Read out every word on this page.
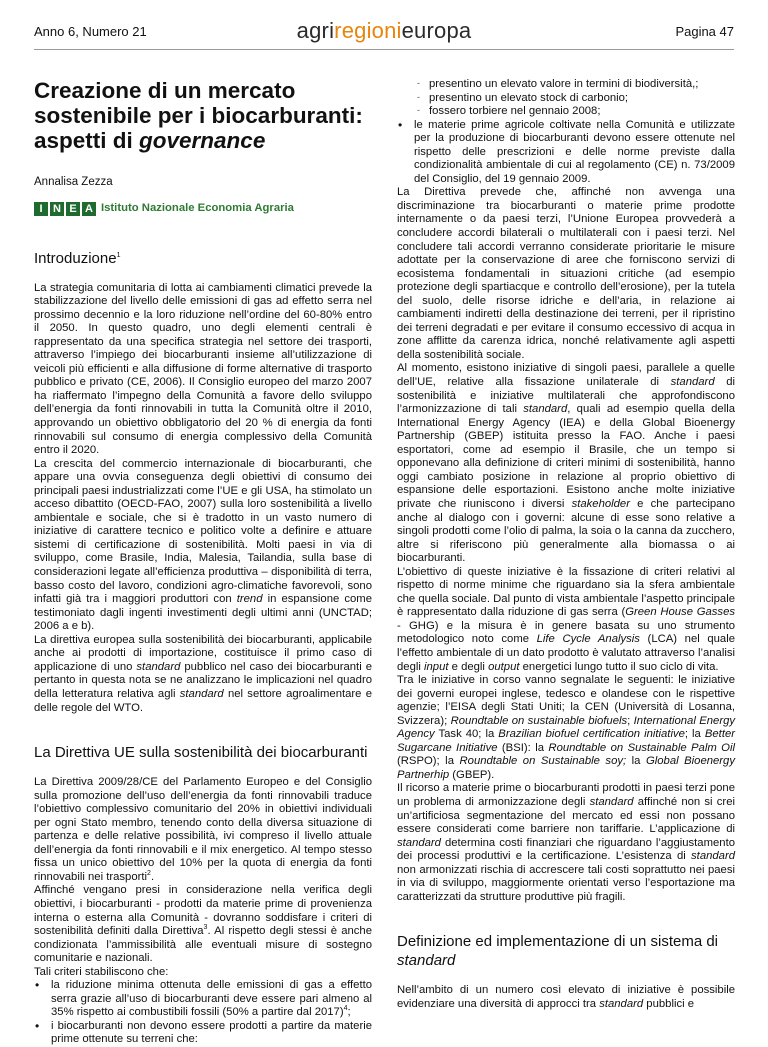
Anno 6, Numero 21	agriregionieuropa	Pagina 47
Creazione di un mercato
sostenibile per i biocarburanti:
aspetti di governance
Annalisa Zezza
I N E A Istituto Nazionale Economia Agraria
Introduzione$^1$

La strategia comunitaria di lotta ai cambiamenti climatici prevede la stabilizzazione del livello delle emissioni di gas ad effetto serra nel prossimo decennio e la loro riduzione nell’ordine del 60-80% entro il 2050. In questo quadro, uno degli elementi centrali è rappresentato da una specifica strategia nel settore dei trasporti, attraverso l’impiego dei biocarburanti insieme all’utilizzazione di veicoli più efficienti e alla diffusione di forme alternative di trasporto pubblico e privato (CE, 2006). Il Consiglio europeo del marzo 2007 ha riaffermato l’impegno della Comunità a favore dello sviluppo dell’energia da fonti rinnovabili in tutta la Comunità oltre il 2010, approvando un obiettivo obbligatorio del 20 % di energia da fonti rinnovabili sul consumo di energia complessivo della Comunità entro il 2020.

La crescita del commercio internazionale di biocarburanti, che appare una ovvia conseguenza degli obiettivi di consumo dei principali paesi industrializzati come l’UE e gli USA, ha stimolato un acceso dibattito (OECD-FAO, 2007) sulla loro sostenibilità a livello ambientale e sociale, che si è tradotto in un vasto numero di iniziative di carattere tecnico e politico volte a definire e attuare sistemi di certificazione di sostenibilità. Molti paesi in via di sviluppo, come Brasile, India, Malesia, Tailandia, sulla base di considerazioni legate all’efficienza produttiva – disponibilità di terra, basso costo del lavoro, condizioni agro-climatiche favorevoli, sono infatti già tra i maggiori produttori con trend in espansione come testimoniato dagli ingenti investimenti degli ultimi anni (UNCTAD; 2006 a e b).

La direttiva europea sulla sostenibilità dei biocarburanti, applicabile anche ai prodotti di importazione, costituisce il primo caso di applicazione di uno standard pubblico nel caso dei biocarburanti e pertanto in questa nota se ne analizzano le implicazioni nel quadro della letteratura relativa agli standard nel settore agroalimentare e delle regole del WTO.

La Direttiva UE sulla sostenibilità dei biocarburanti

La Direttiva 2009/28/CE del Parlamento Europeo e del Consiglio sulla promozione dell’uso dell’energia da fonti rinnovabili traduce l’obiettivo complessivo comunitario del 20% in obiettivi individuali per ogni Stato membro, tenendo conto della diversa situazione di partenza e delle relative possibilità, ivi compreso il livello attuale dell’energia da fonti rinnovabili e il mix energetico. Al tempo stesso fissa un unico obiettivo del 10% per la quota di energia da fonti rinnovabili nei trasporti$^2$.

Affinché vengano presi in considerazione nella verifica degli obiettivi, i biocarburanti - prodotti da materie prime di provenienza interna o esterna alla Comunità - dovranno soddisfare i criteri di sostenibilità definiti dalla Direttiva$^3$. Al rispetto degli stessi è anche condizionata l’ammissibilità alle eventuali misure di sostegno comunitarie e nazionali.

Tali criteri stabiliscono che:

• la riduzione minima ottenuta delle emissioni di gas a effetto serra grazie all’uso di biocarburanti deve essere pari almeno al 35% rispetto ai combustibili fossili (50% a partire dal 2017)$^4$;
• i biocarburanti non devono essere prodotti a partire da materie prime ottenute su terreni che:
- presentino un elevato valore in termini di biodiversità,;
- presentino un elevato stock di carbonio;
- fossero torbiere nel gennaio 2008;
• le materie prime agricole coltivate nella Comunità e utilizzate per la produzione di biocarburanti devono essere ottenute nel rispetto delle prescrizioni e delle norme previste dalla condizionalità ambientale di cui al regolamento (CE) n. 73/2009 del Consiglio, del 19 gennaio 2009.

La Direttiva prevede che, affinché non avvenga una discriminazione tra biocarburanti o materie prime prodotte internamente o da paesi terzi, l’Unione Europea provvederà a concludere accordi bilaterali o multilaterali con i paesi terzi. Nel concludere tali accordi verranno considerate prioritarie le misure adottate per la conservazione di aree che forniscono servizi di ecosistema fondamentali in situazioni critiche (ad esempio protezione degli spartiacque e controllo dell’erosione), per la tutela del suolo, delle risorse idriche e dell’aria, in relazione ai cambiamenti indiretti della destinazione dei terreni, per il ripristino dei terreni degradati e per evitare il consumo eccessivo di acqua in zone afflitte da carenza idrica, nonché relativamente agli aspetti della sostenibilità sociale.

Al momento, esistono iniziative di singoli paesi, parallele a quelle dell’UE, relative alla fissazione unilaterale di standard di sostenibilità e iniziative multilaterali che approfondiscono l’armonizzazione di tali standard, quali ad esempio quella della International Energy Agency (IEA) e della Global Bioenergy Partnership (GBEP) istituita presso la FAO. Anche i paesi esportatori, come ad esempio il Brasile, che un tempo si opponevano alla definizione di criteri minimi di sostenibilità, hanno oggi cambiato posizione in relazione al proprio obiettivo di espansione delle esportazioni. Esistono anche molte iniziative private che riuniscono i diversi stakeholder e che partecipano anche al dialogo con i governi: alcune di esse sono relative a singoli prodotti come l’olio di palma, la soia o la canna da zucchero, altre si riferiscono più generalmente alla biomassa o ai biocarburanti.

L’obiettivo di queste iniziative è la fissazione di criteri relativi al rispetto di norme minime che riguardano sia la sfera ambientale che quella sociale. Dal punto di vista ambientale l’aspetto principale è rappresentato dalla riduzione di gas serra (Green House Gasses - GHG) e la misura è in genere basata su uno strumento metodologico noto come Life Cycle Analysis (LCA) nel quale l’effetto ambientale di un dato prodotto è valutato attraverso l’analisi degli input e degli output energetici lungo tutto il suo ciclo di vita.

Tra le iniziative in corso vanno segnalate le seguenti: le iniziative dei governi europei inglese, tedesco e olandese con le rispettive agenzie; l’EISA degli Stati Uniti; la CEN (Università di Losanna, Svizzera); Roundtable on sustainable biofuels; International Energy Agency Task 40; la Brazilian biofuel certification initiative; la Better Sugarcane Initiative (BSI): la Roundtable on Sustainable Palm Oil (RSPO); la Roundtable on Sustainable soy; la Global Bioenergy Partnerhip (GBEP).

Il ricorso a materie prime o biocarburanti prodotti in paesi terzi pone un problema di armonizzazione degli standard affinché non si crei un’artificiosa segmentazione del mercato ed essi non possano essere considerati come barriere non tariffarie. L’applicazione di standard determina costi finanziari che riguardano l’aggiustamento dei processi produttivi e la certificazione. L’esistenza di standard non armonizzati rischia di accrescere tali costi soprattutto nei paesi in via di sviluppo, maggiormente orientati verso l’esportazione ma caratterizzati da strutture produttive più fragili.

Definizione ed implementazione di un sistema di standard

Nell’ambito di un numero così elevato di iniziative è possibile evidenziare una diversità di approcci tra standard pubblici e
